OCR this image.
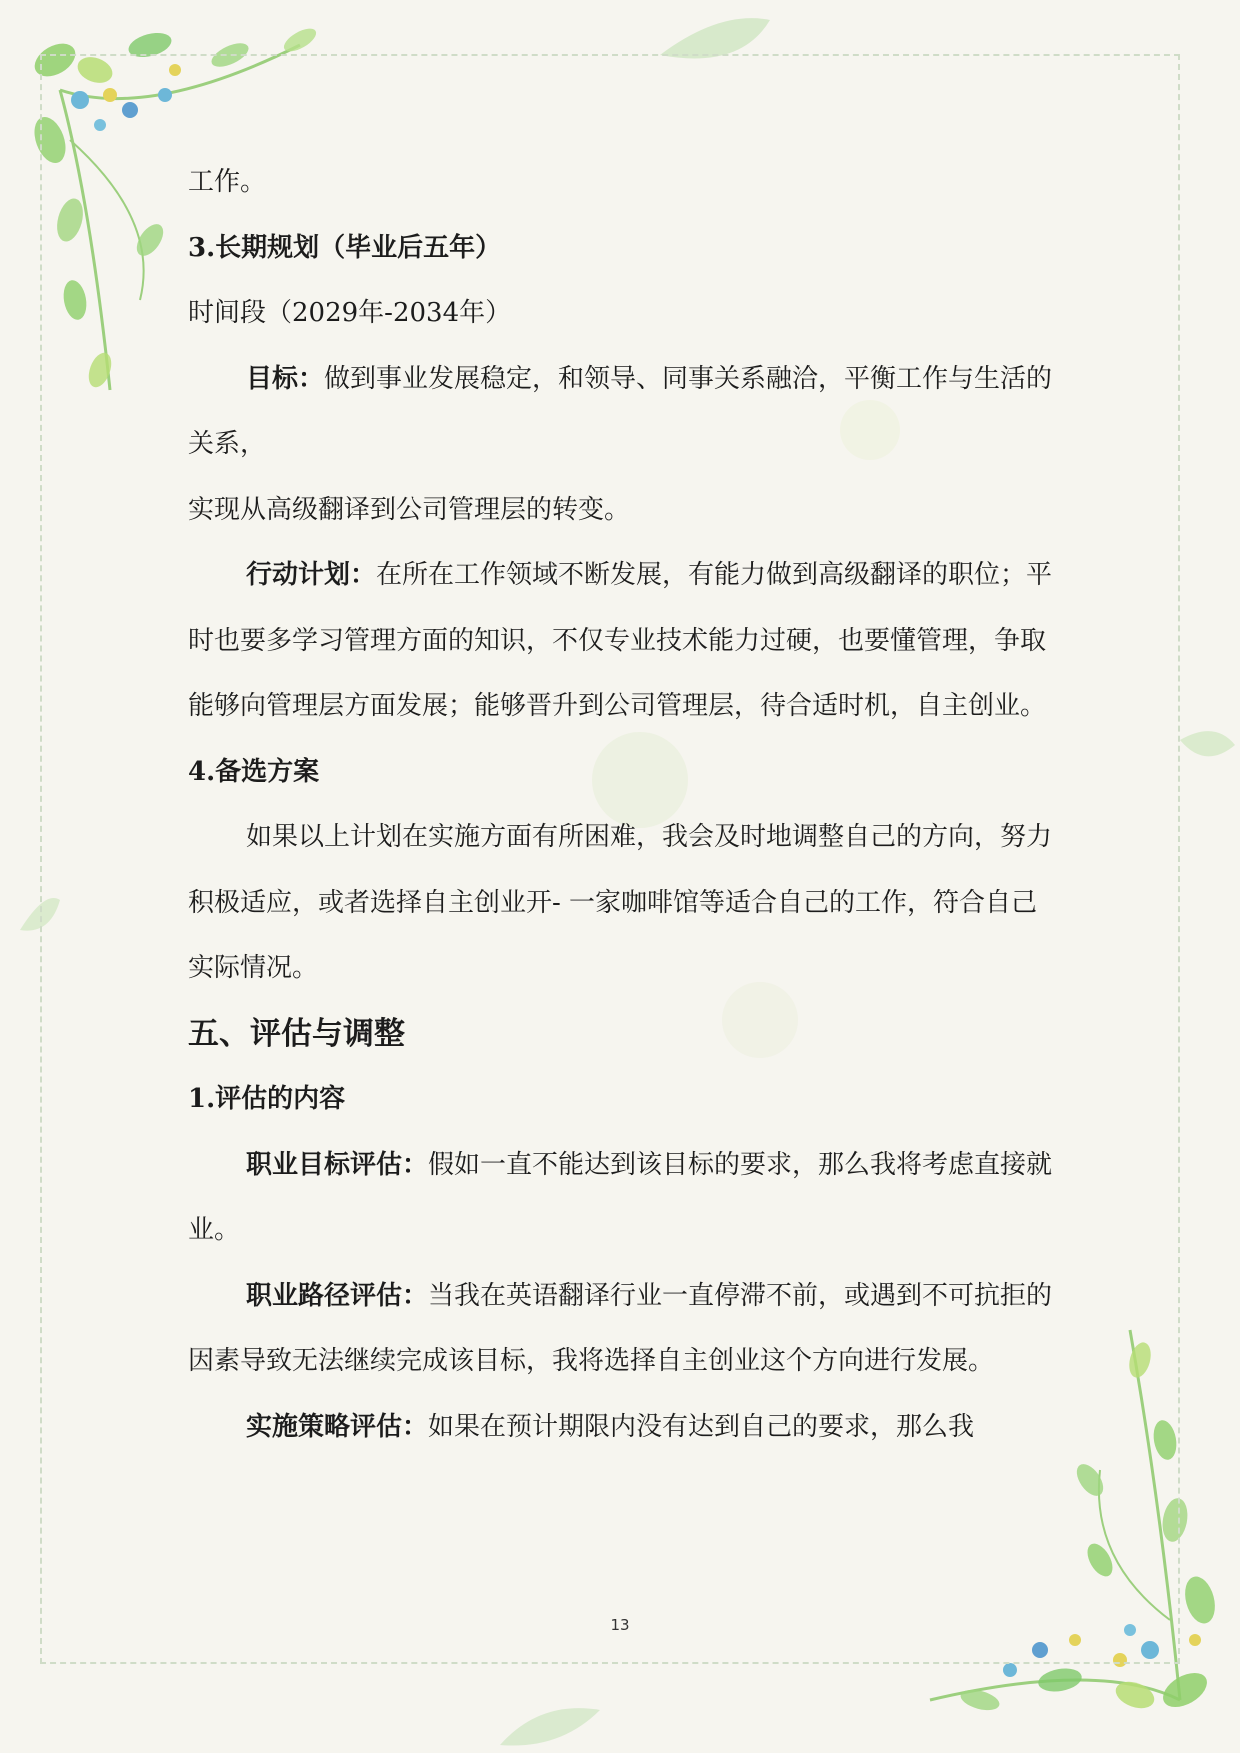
工作。

3.长期规划（毕业后五年）

时间段（2029年-2034年）

目标：做到事业发展稳定，和领导、同事关系融洽，平衡工作与生活的关系，

实现从高级翻译到公司管理层的转变。

行动计划：在所在工作领域不断发展，有能力做到高级翻译的职位；平时也要多学习管理方面的知识，不仅专业技术能力过硬，也要懂管理，争取能够向管理层方面发展；能够晋升到公司管理层，待合适时机，自主创业。

4.备选方案

如果以上计划在实施方面有所困难，我会及时地调整自己的方向，努力积极适应，或者选择自主创业开- 一家咖啡馆等适合自己的工作，符合自己实际情况。

五、评估与调整

1.评估的内容

职业目标评估：假如一直不能达到该目标的要求，那么我将考虑直接就业。

职业路径评估：当我在英语翻译行业一直停滞不前，或遇到不可抗拒的因素导致无法继续完成该目标，我将选择自主创业这个方向进行发展。

实施策略评估：如果在预计期限内没有达到自己的要求，那么我

13
